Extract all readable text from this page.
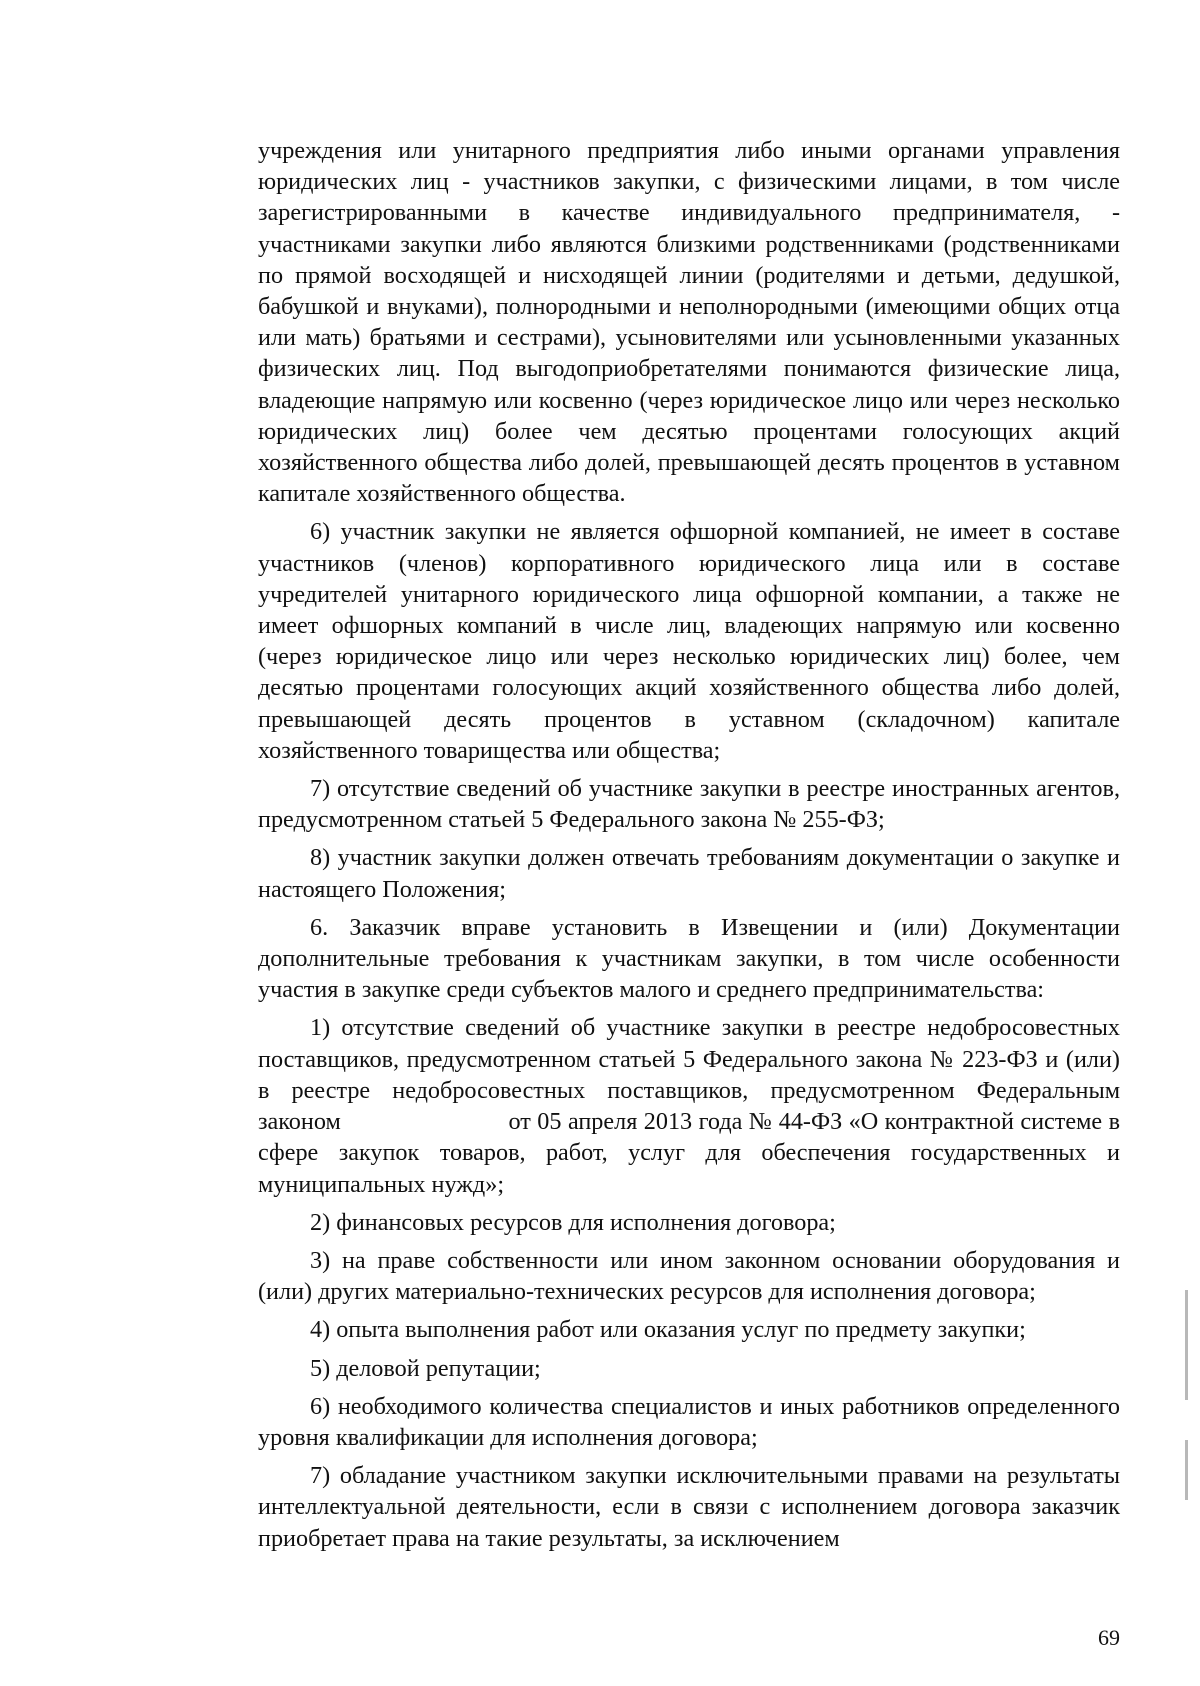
учреждения или унитарного предприятия либо иными органами управления юридических лиц - участников закупки, с физическими лицами, в том числе зарегистрированными в качестве индивидуального предпринимателя, - участниками закупки либо являются близкими родственниками (родственниками по прямой восходящей и нисходящей линии (родителями и детьми, дедушкой, бабушкой и внуками), полнородными и неполнородными (имеющими общих отца или мать) братьями и сестрами), усыновителями или усыновленными указанных физических лиц. Под выгодоприобретателями понимаются физические лица, владеющие напрямую или косвенно (через юридическое лицо или через несколько юридических лиц) более чем десятью процентами голосующих акций хозяйственного общества либо долей, превышающей десять процентов в уставном капитале хозяйственного общества.

6) участник закупки не является офшорной компанией, не имеет в составе участников (членов) корпоративного юридического лица или в составе учредителей унитарного юридического лица офшорной компании, а также не имеет офшорных компаний в числе лиц, владеющих напрямую или косвенно (через юридическое лицо или через несколько юридических лиц) более, чем десятью процентами голосующих акций хозяйственного общества либо долей, превышающей десять процентов в уставном (складочном) капитале хозяйственного товарищества или общества;

7) отсутствие сведений об участнике закупки в реестре иностранных агентов, предусмотренном статьей 5 Федерального закона № 255-ФЗ;

8) участник закупки должен отвечать требованиям документации о закупке и настоящего Положения;

6. Заказчик вправе установить в Извещении и (или) Документации дополнительные требования к участникам закупки, в том числе особенности участия в закупке среди субъектов малого и среднего предпринимательства:

1) отсутствие сведений об участнике закупки в реестре недобросовестных поставщиков, предусмотренном статьей 5 Федерального закона № 223-ФЗ и (или) в реестре недобросовестных поставщиков, предусмотренном Федеральным законом                          от 05 апреля 2013 года № 44-ФЗ «О контрактной системе в сфере закупок товаров, работ, услуг для обеспечения государственных и муниципальных нужд»;

2) финансовых ресурсов для исполнения договора;

3) на праве собственности или ином законном основании оборудования и (или) других материально-технических ресурсов для исполнения договора;

4) опыта выполнения работ или оказания услуг по предмету закупки;

5) деловой репутации;

6) необходимого количества специалистов и иных работников определенного уровня квалификации для исполнения договора;

7) обладание участником закупки исключительными правами на результаты интеллектуальной деятельности, если в связи с исполнением договора заказчик приобретает права на такие результаты, за исключением

69
